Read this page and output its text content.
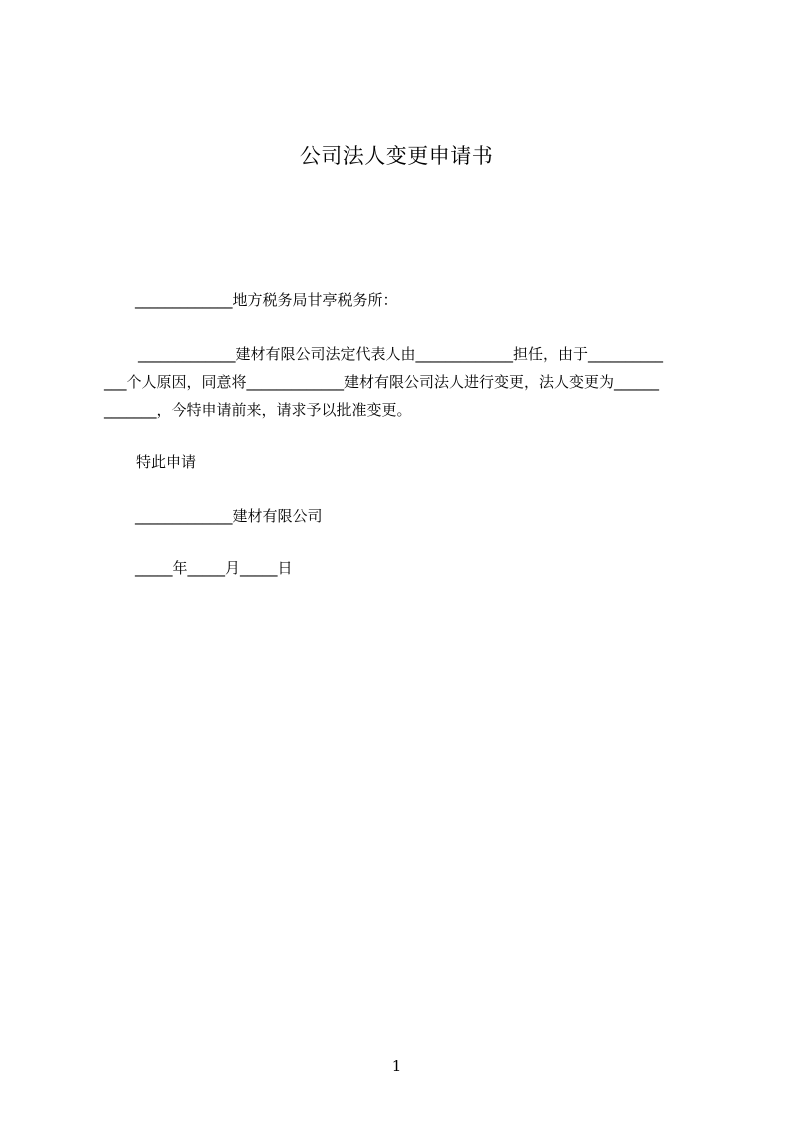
公司法人变更申请书
_____________地方税务局甘亭税务所：
_____________建材有限公司法定代表人由_____________担任，由于__________
___个人原因，同意将_____________建材有限公司法人进行变更，法人变更为______
_______，今特申请前来，请求予以批准变更。
特此申请
_____________建材有限公司
_____年_____月_____日
1
